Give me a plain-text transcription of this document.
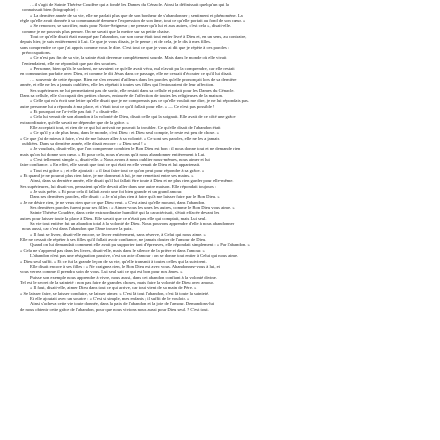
…il s'agit de Sainte Thérèse Coudère qui a fondé les Dames du Cénacle. Ainsi la définissait quelqu'un qui la
connaissait bien (biographie) :
« La dernière année de sa vie, elle ne parlait plus que de son bonheur de s'abandonner ; sentiment et phénomène. La
règle qu'elle avait donnée à sa communauté demeure l'expression de son âme, tout ce qu'elle portait au fond de son cœur. »
« Se renoncer, se sacrifier, mais pour Notre-Seigneur ; ne penser qu'à lui et aux autres, c'est cela », disait-elle.
comme je ne pouvais plus penser. On ne savait que la mettre sur sa petite chaise.
Tout ce qu'elle disait était marqué par l'abandon, car son cœur était tout entier livré à Dieu et, en un sens, au contraire,
depuis hier, je suis entièrement à Lui. Ce que je vous disais, je le pense ; et de cela, je le dis à mes filles.
sans comprendre ce que j'ai appris comme vous le dire. C'est tout ce que je vous ai dit que je répète à ces paroles :
préoccupations.
« Ce n'est pas fin de sa vie, la sainte était devenue complètement sourde. Mais dans le monde où elle vivait
l'entendaient, elle ne répondait que par des sourires.
« Personne, bien qu'ils le sachent, ne savaient ce qu'elle avait vécu, nul n'avait pu la comprendre, car elle restait
en communion parfaite avec Dieu, et comme le dit Jésus dans ce passage, elle ne cessait d'écouter ce qu'il lui disait.
… souvenir de cette époque. Rien ne s'en ressent d'ailleurs dans les paroles qu'elle prononçait lors de sa dernière
année, et elle ne les a jamais oubliées, elle les répétait à toutes ses filles qui l'entouraient de leur affection.
Ses supérieures ne lui permettaient pas de sortir, elle restait dans sa cellule et priait pour les Dames du Cénacle.
Dans sa cellule, elle s'occupait des petites choses, entourée de l'affection de toutes les religieuses de la maison.
« Celle qui m'a écrit une lettre qu'elle disait que je ne comprenais pas ce qu'elle voulait me dire, je ne lui répondais pas.
autre personne lui a répondu à ma place, et c'était tout ce qu'il fallait pour elle. » — Ce n'est pas possible !
« Et pourquoi ne l'a-t-elle pas fait ? » disait-elle.
« Cela lui venait de son abandon à la volonté de Dieu, disait celle qui la soignait. Elle avait de ce côté une grâce
extraordinaire, qu'elle savait ne dépendre que de la grâce. »
Elle acceptait tout, et rien de ce qui lui arrivait ne pouvait la troubler. Ce qu'elle disait de l'abandon était
« Ce qu'il y a de plus beau, dans le monde, c'est Dieu : et Dieu seul compte, le reste est peu de chose. »
« Ce que j'ai de mieux à faire, c'est de me laisser aller à sa volonté. » Ce sont ses paroles, elle ne les a jamais
oubliées. Dans sa dernière année, elle disait encore : « Dieu seul ! »
« Je voudrais, disait-elle, que l'on comprenne combien le Bon Dieu est bon : il nous donne tout et ne demande rien
mais qu'on lui donne son cœur. » Et pour cela, nous n'avons qu'à nous abandonner entièrement à Lui.
« C'est tellement simple », disait-elle. « Nous avons à nous oublier nous-mêmes, nous aimer et lui
faire confiance. » En effet, elle savait que tout ce qui était en elle venait de Dieu et lui appartenait.
« Tout est grâce » ; et elle ajoutait : « il faut faire tout ce qu'on peut pour répondre à sa grâce. »
« Et quand je ne pourrai plus rien faire, je me donnerai à lui, je me remettrai entre ses mains. »
Ainsi, dans sa dernière année, elle disait qu'il lui fallait être toute à Dieu et ne plus rien garder pour elle-même.
Ses supérieures, lui disait-on, pensaient qu'elle devait aller dans une autre maison. Elle répondait toujours :
« Je suis prête. » Et pour cela il fallait avoir une foi bien grande et un grand amour.
Dans ses dernières paroles, elle disait : « Je n'ai plus rien à faire qu'à me laisser faire par le Bon Dieu. »
« Je ne désire rien, je ne veux rien que ce que Dieu veut. » C'est ainsi qu'elle mourut, dans l'abandon.
Ses dernières paroles furent pour ses filles : « Aimez-vous les unes les autres, comme le Bon Dieu vous aime. »
Sainte Thérèse Coudère, dans cette extraordinaire humilité qui la caractérisait, s'était effacée devant les
autres pour laisser toute la place à Dieu. Elle savait que ce n'était pas elle qui comptait, mais Lui seul.
Sa vie tout entière fut un abandon total à la volonté de Dieu. Nous pouvons apprendre d'elle à nous abandonner
nous aussi, car c'est dans l'abandon que l'âme trouve la paix.
« Il faut se livrer, disait-elle encore, se livrer entièrement, sans réserve, à Celui qui nous aime. »
Elle ne cessait de répéter à ses filles qu'il fallait avoir confiance, ne jamais douter de l'amour de Dieu.
Quand on lui demandait comment elle avait pu supporter tant d'épreuves, elle répondait simplement : « Par l'abandon. »
« Cela ne s'apprend pas dans les livres, disait-elle, mais dans le silence de la prière et dans l'amour. »
L'abandon n'est pas une résignation passive, c'est un acte d'amour : on se donne tout entier à Celui qui nous aime.
« Dieu seul suffit. » Et ce fut la grande leçon de sa vie, qu'elle transmit à toutes celles qui la suivirent.
Elle disait encore à ses filles : « Ne craignez rien, le Bon Dieu est avec vous. Abandonnez-vous à lui, et
vous verrez comme il prendra soin de vous. Lui seul sait ce qui est bon pour nos âmes. »
Puisse son exemple nous apprendre à vivre, nous aussi, dans cet abandon confiant à la volonté divine.
Tel est le secret de la sainteté : non pas faire de grandes choses, mais faire la volonté de Dieu avec amour.
« Il faut, disait-elle, aimer Dieu dans tout ce qui arrive, car tout vient de sa main de Père. »
« Se laisser faire, se laisser conduire, se laisser aimer. » C'est là tout l'abandon, c'est là toute la sainteté.
Et elle ajoutait avec un sourire : « C'est si simple, mes enfants ; il suffit de le vouloir. »
Ainsi s'acheva cette vie toute donnée, dans la paix de l'abandon et la joie de l'amour. Demandons-lui
de nous obtenir cette grâce de l'abandon, pour que nous vivions nous aussi pour Dieu seul. ? C'est tout.
